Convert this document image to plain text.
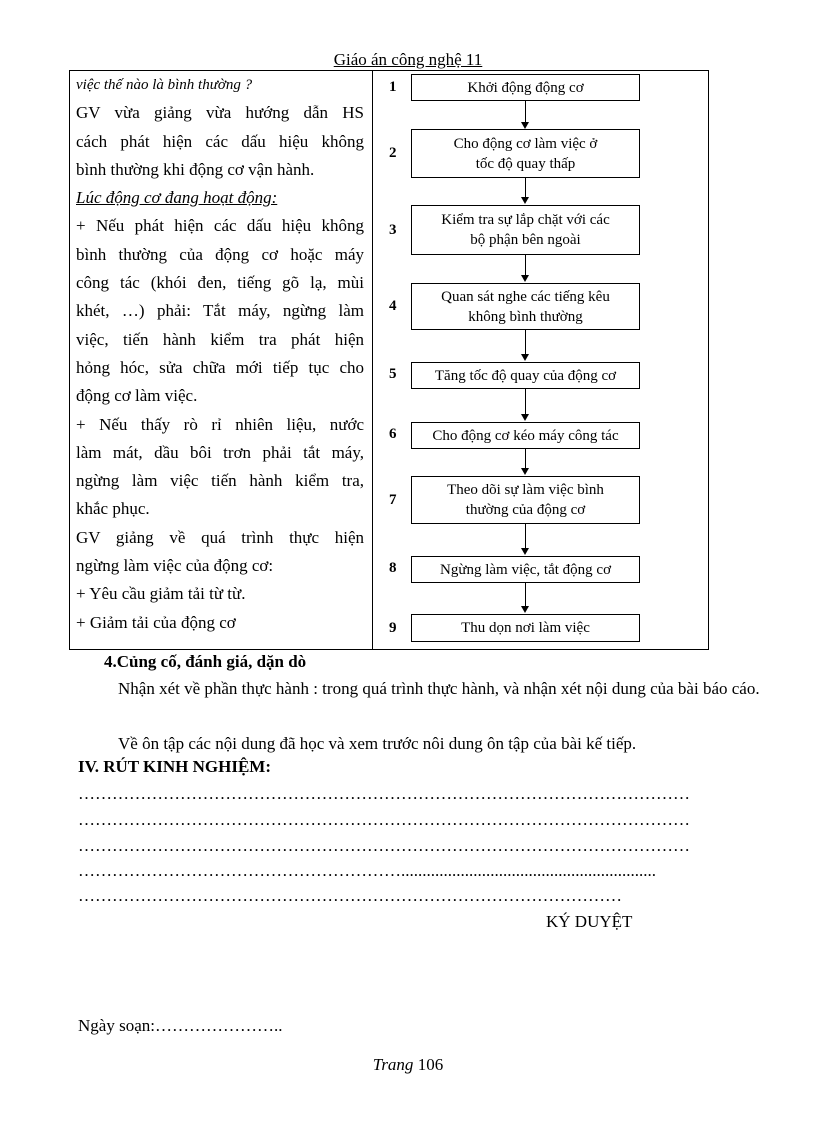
Giáo án công nghệ 11
việc thế nào là bình thường ?
GV vừa giảng vừa hướng dẫn HS
cách phát hiện các dấu hiệu không
bình thường khi động cơ vận hành.
Lúc động cơ đang hoạt động:
+ Nếu phát hiện các dấu hiệu không
bình thường của động cơ hoặc máy
công tác (khói đen, tiếng gõ lạ, mùi
khét, …) phải: Tắt máy, ngừng làm
việc, tiến hành kiểm tra phát hiện
hỏng hóc, sửa chữa mới tiếp tục cho
động cơ làm việc.
+ Nếu thấy rò rỉ nhiên liệu, nước
làm mát, dầu bôi trơn phải tắt máy,
ngừng làm việc tiến hành kiểm tra,
khắc phục.
GV giảng về quá trình thực hiện
ngừng làm việc của động cơ:
+ Yêu cầu giảm tải từ từ.
+ Giảm tải của động cơ
1	Khởi động động cơ
2
Cho động cơ làm việc ở tốc độ quay thấp
3
Kiểm tra sự lắp chặt với các bộ phận bên ngoài
4
Quan sát nghe các tiếng kêu không bình thường
5	Tăng tốc độ quay của động cơ
6	Cho động cơ kéo máy công tác
7
Theo dõi sự làm việc bình thường của động cơ
8	Ngừng làm việc, tắt động cơ
9	Thu dọn nơi làm việc
4.Củng cố, đánh giá, dặn dò
Nhận xét về phần thực hành : trong quá trình thực hành, và nhận xét nội dung của bài báo cáo.
Về ôn tập các nội dung đã học và xem trước nôi dung ôn tập của bài kế tiếp.
IV. RÚT KINH NGHIỆM:
………………………………………………………………………………………………
………………………………………………………………………………………………
………………………………………………………………………………………………
…………………………………………………............................................................
……………………………………………………………………………………
KÝ DUYỆT
Ngày soạn:…………………..
Trang 106
